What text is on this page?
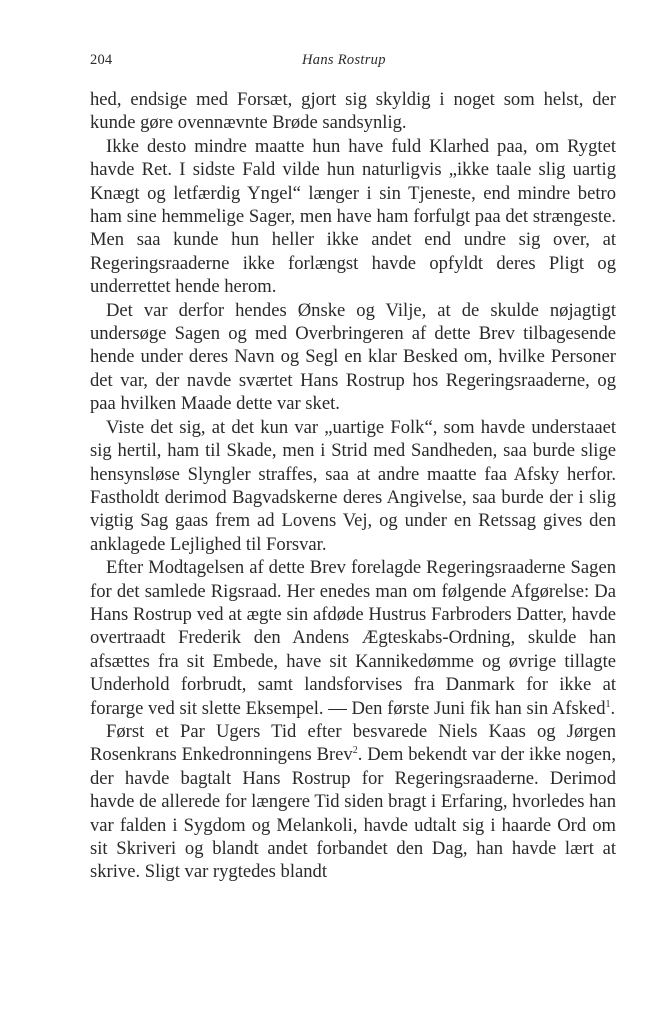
204	Hans Rostrup

hed, endsige med Forsæt, gjort sig skyldig i noget som helst, der kunde gøre ovennævnte Brøde sandsynlig.

Ikke desto mindre maatte hun have fuld Klarhed paa, om Rygtet havde Ret. I sidste Fald vilde hun naturligvis „ikke taale slig uartig Knægt og letfærdig Yngel“ længer i sin Tjeneste, end mindre betro ham sine hemmelige Sager, men have ham forfulgt paa det strængeste. Men saa kunde hun heller ikke andet end undre sig over, at Regeringsraaderne ikke forlængst havde opfyldt deres Pligt og underrettet hende herom.

Det var derfor hendes Ønske og Vilje, at de skulde nøjagtigt undersøge Sagen og med Overbringeren af dette Brev tilbagesende hende under deres Navn og Segl en klar Besked om, hvilke Personer det var, der navde sværtet Hans Rostrup hos Regeringsraaderne, og paa hvilken Maade dette var sket.

Viste det sig, at det kun var „uartige Folk“, som havde understaaet sig hertil, ham til Skade, men i Strid med Sandheden, saa burde slige hensynsløse Slyngler straffes, saa at andre maatte faa Afsky herfor. Fastholdt derimod Bagvadskerne deres Angivelse, saa burde der i slig vigtig Sag gaas frem ad Lovens Vej, og under en Retssag gives den anklagede Lejlighed til Forsvar.

Efter Modtagelsen af dette Brev forelagde Regeringsraaderne Sagen for det samlede Rigsraad. Her enedes man om følgende Afgørelse: Da Hans Rostrup ved at ægte sin afdøde Hustrus Farbroders Datter, havde overtraadt Frederik den Andens Ægteskabs-Ordning, skulde han afsættes fra sit Embede, have sit Kannikedømme og øvrige tillagte Underhold forbrudt, samt landsforvises fra Danmark for ikke at forarge ved sit slette Eksempel. — Den første Juni fik han sin Afsked$^1$.

Først et Par Ugers Tid efter besvarede Niels Kaas og Jørgen Rosenkrans Enkedronningens Brev$^2$. Dem bekendt var der ikke nogen, der havde bagtalt Hans Rostrup for Regeringsraaderne. Derimod havde de allerede for længere Tid siden bragt i Erfaring, hvorledes han var falden i Sygdom og Melankoli, havde udtalt sig i haarde Ord om sit Skriveri og blandt andet forbandet den Dag, han havde lært at skrive. Sligt var rygtedes blandt
